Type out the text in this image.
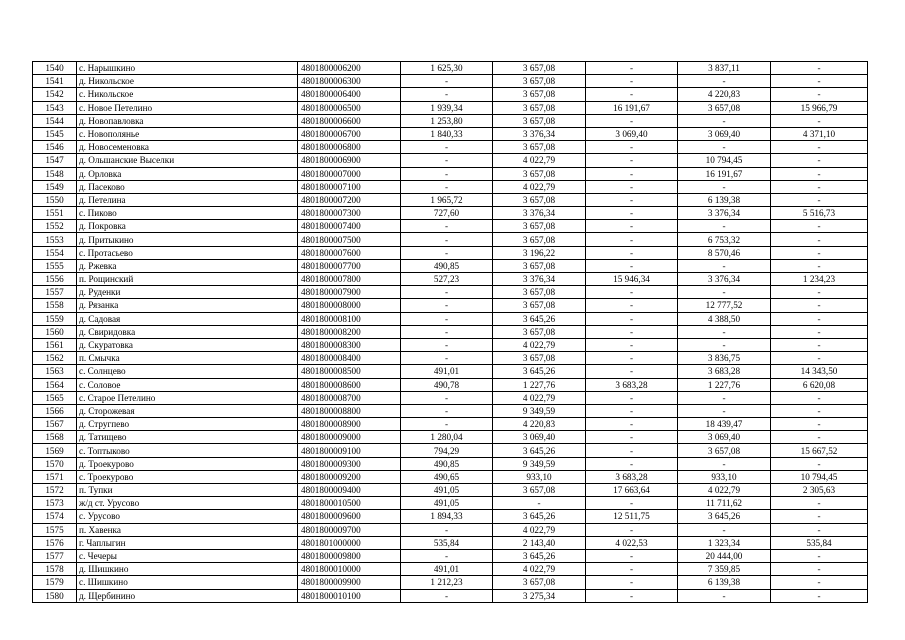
1540	с. Нарышкино	4801800006200	1 625,30	3 657,08	-	3 837,11	-
1541	д. Никольское	4801800006300	-	3 657,08	-	-	-
1542	с. Никольское	4801800006400	-	3 657,08	-	4 220,83	-
1543	с. Новое Петелино	4801800006500	1 939,34	3 657,08	16 191,67	3 657,08	15 966,79
1544	д. Новопавловка	4801800006600	1 253,80	3 657,08	-	-	-
1545	с. Новополянье	4801800006700	1 840,33	3 376,34	3 069,40	3 069,40	4 371,10
1546	д. Новосеменовка	4801800006800	-	3 657,08	-	-	-
1547	д. Ольшанские Выселки	4801800006900	-	4 022,79	-	10 794,45	-
1548	д. Орловка	4801800007000	-	3 657,08	-	16 191,67	-
1549	д. Пасеково	4801800007100	-	4 022,79	-	-	-
1550	д. Петелина	4801800007200	1 965,72	3 657,08	-	6 139,38	-
1551	с. Пиково	4801800007300	727,60	3 376,34	-	3 376,34	5 516,73
1552	д. Покровка	4801800007400	-	3 657,08	-	-	-
1553	д. Притыкино	4801800007500	-	3 657,08	-	6 753,32	-
1554	с. Протасьево	4801800007600	-	3 196,22	-	8 570,46	-
1555	д. Ржевка	4801800007700	490,85	3 657,08	-	-	-
1556	п. Рощинский	4801800007800	527,23	3 376,34	15 946,34	3 376,34	1 234,23
1557	д. Руденки	4801800007900	-	3 657,08	-	-	-
1558	д. Рязанка	4801800008000	-	3 657,08	-	12 777,52	-
1559	д. Садовая	4801800008100	-	3 645,26	-	4 388,50	-
1560	д. Свиридовка	4801800008200	-	3 657,08	-	-	-
1561	д. Скуратовка	4801800008300	-	4 022,79	-	-	-
1562	п. Смычка	4801800008400	-	3 657,08	-	3 836,75	-
1563	с. Солнцево	4801800008500	491,01	3 645,26	-	3 683,28	14 343,50
1564	с. Соловое	4801800008600	490,78	1 227,76	3 683,28	1 227,76	6 620,08
1565	с. Старое Петелино	4801800008700	-	4 022,79	-	-	-
1566	д. Сторожевая	4801800008800	-	9 349,59	-	-	-
1567	д. Стругпево	4801800008900	-	4 220,83	-	18 439,47	-
1568	д. Татищево	4801800009000	1 280,04	3 069,40	-	3 069,40	-
1569	с. Топтыково	4801800009100	794,29	3 645,26	-	3 657,08	15 667,52
1570	д. Троекурово	4801800009300	490,85	9 349,59	-	-	-
1571	с. Троекурово	4801800009200	490,65	933,10	3 683,28	933,10	10 794,45
1572	п. Тупки	4801800009400	491,05	3 657,08	17 663,64	4 022,79	2 305,63
1573	ж/д ст. Урусово	4801800010500	491,05	-	-	11 711,62	-
1574	с. Урусово	4801800009600	1 894,33	3 645,26	12 511,75	3 645,26	-
1575	п. Хавенка	4801800009700	-	4 022,79	-	-	-
1576	г. Чаплыгин	4801801000000	535,84	2 143,40	4 022,53	1 323,34	535,84
1577	с. Чечеры	4801800009800	-	3 645,26	-	20 444,00	-
1578	д. Шишкино	4801800010000	491,01	4 022,79	-	7 359,85	-
1579	с. Шишкино	4801800009900	1 212,23	3 657,08	-	6 139,38	-
1580	д. Щербинино	4801800010100	-	3 275,34	-	-	-
